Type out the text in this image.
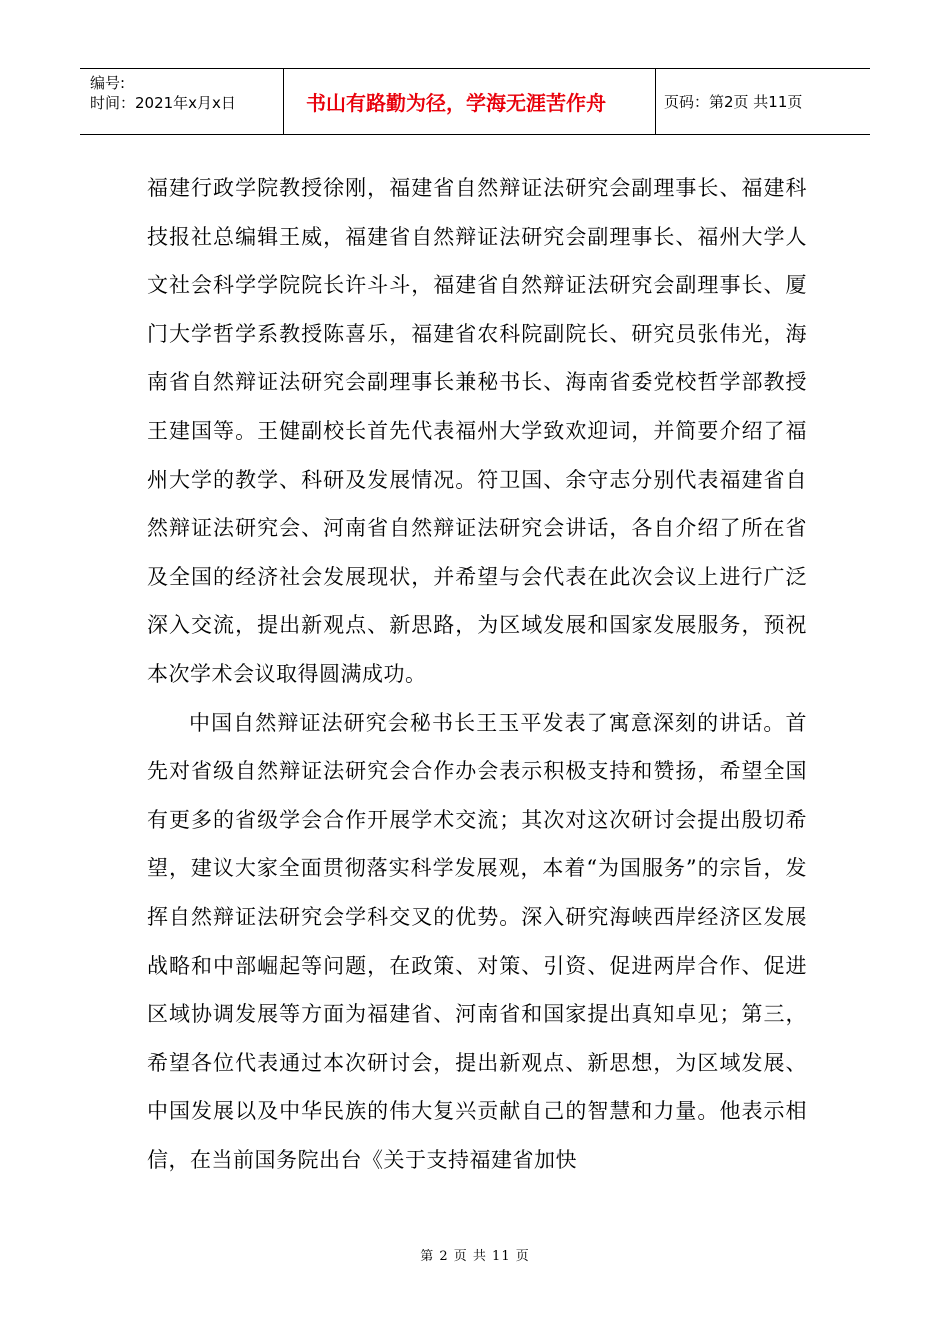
编号:
时间：2021年x月x日	书山有路勤为径，学海无涯苦作舟	页码：第2页 共11页

福建行政学院教授徐刚，福建省自然辩证法研究会副理事长、福建科技报社总编辑王威，福建省自然辩证法研究会副理事长、福州大学人文社会科学学院院长许斗斗，福建省自然辩证法研究会副理事长、厦门大学哲学系教授陈喜乐，福建省农科院副院长、研究员张伟光，海南省自然辩证法研究会副理事长兼秘书长、海南省委党校哲学部教授王建国等。王健副校长首先代表福州大学致欢迎词，并简要介绍了福州大学的教学、科研及发展情况。符卫国、余守志分别代表福建省自然辩证法研究会、河南省自然辩证法研究会讲话，各自介绍了所在省及全国的经济社会发展现状，并希望与会代表在此次会议上进行广泛深入交流，提出新观点、新思路，为区域发展和国家发展服务，预祝本次学术会议取得圆满成功。

中国自然辩证法研究会秘书长王玉平发表了寓意深刻的讲话。首先对省级自然辩证法研究会合作办会表示积极支持和赞扬，希望全国有更多的省级学会合作开展学术交流；其次对这次研讨会提出殷切希望，建议大家全面贯彻落实科学发展观，本着“为国服务”的宗旨，发挥自然辩证法研究会学科交叉的优势。深入研究海峡西岸经济区发展战略和中部崛起等问题，在政策、对策、引资、促进两岸合作、促进区域协调发展等方面为福建省、河南省和国家提出真知卓见；第三，希望各位代表通过本次研讨会，提出新观点、新思想，为区域发展、中国发展以及中华民族的伟大复兴贡献自己的智慧和力量。他表示相信，在当前国务院出台《关于支持福建省加快

第 2 页 共 11 页
